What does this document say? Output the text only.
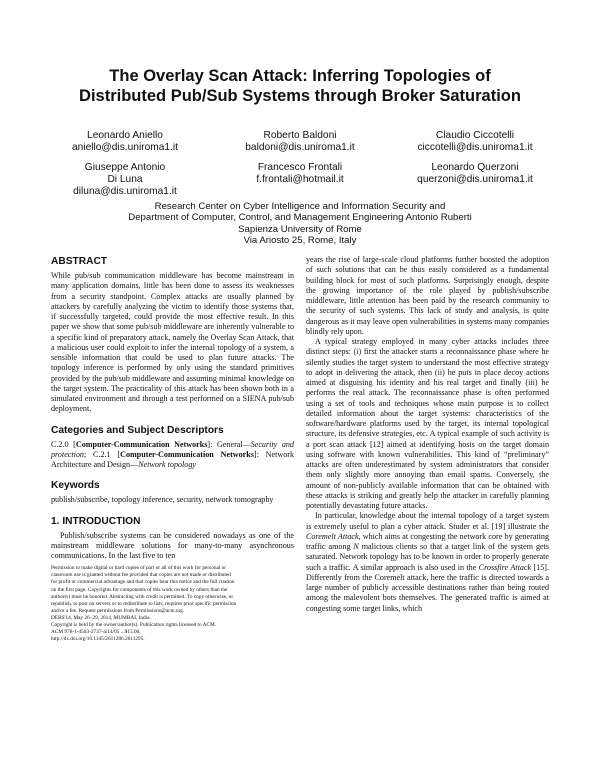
The Overlay Scan Attack: Inferring Topologies of
Distributed Pub/Sub Systems through Broker Saturation
Leonardo Aniello
aniello@dis.uniroma1.it
Roberto Baldoni
baldoni@dis.uniroma1.it
Claudio Ciccotelli
ciccotelli@dis.uniroma1.it
Giuseppe Antonio
Di Luna
diluna@dis.uniroma1.it
Francesco Frontali
f.frontali@hotmail.it
Leonardo Querzoni
querzoni@dis.uniroma1.it
Research Center on Cyber Intelligence and Information Security and
Department of Computer, Control, and Management Engineering Antonio Ruberti
Sapienza University of Rome
Via Ariosto 25, Rome, Italy
ABSTRACT

While pub/sub communication middleware has become mainstream in many application domains, little has been done to assess its weaknesses from a security standpoint. Complex attacks are usually planned by attackers by carefully analyzing the victim to identify those systems that, if successfully targeted, could provide the most effective result. In this paper we show that some pub/sub middleware are inherently vulnerable to a specific kind of preparatory attack, namely the Overlay Scan Attack, that a malicious user could exploit to infer the internal topology of a system, a sensible information that could be used to plan future attacks. The topology inference is performed by only using the standard primitives provided by the pub/sub middleware and assuming minimal knowledge on the target system. The practicality of this attack has been shown both in a simulated environment and through a test performed on a SIENA pub/sub deployment.

Categories and Subject Descriptors

C.2.0 [Computer-Communication Networks]: General—Security and protection; C.2.1 [Computer-Communication Networks]: Network Architecture and Design—Network topology

Keywords

publish/subscribe, topology inference, security, network tomography

1. INTRODUCTION

Publish/subscribe systems can be considered nowadays as one of the mainstream middleware solutions for many-to-many asynchronous communications. In the last five to ten

Permission to make digital or hard copies of part or all of this work for personal or
classroom use is granted without fee provided that copies are not made or distributed
for profit or commercial advantage and that copies bear this notice and the full citation
on the first page. Copyrights for components of this work owned by others than the
author(s) must be honored. Abstracting with credit is permitted. To copy otherwise, or
republish, to post on servers or to redistribute to lists, requires prior specific permission
and/or a fee. Request permissions from Permissions@acm.org.
DEBS'14, May 26–29, 2014, MUMBAI, India.
Copyright is held by the owner/author(s). Publication rights licensed to ACM.
ACM 978-1-4503-2737-4/14/05 ...$15.00.
http://dx.doi.org/10.1145/2611286.2611295.

years the rise of large-scale cloud platforms further boosted the adoption of such solutions that can be thus easily considered as a fundamental building block for most of such platforms. Surprisingly enough, despite the growing importance of the role played by publish/subscribe middleware, little attention has been paid by the research community to the security of such systems. This lack of study and analysis, is quite dangerous as it may leave open vulnerabilities in systems many companies blindly rely upon.

A typical strategy employed in many cyber attacks includes three distinct steps: (i) first the attacker starts a reconnaissance phase where he silently studies the target system to understand the most effective strategy to adopt in delivering the attack, then (ii) he puts in place decoy actions aimed at disguising his identity and his real target and finally (iii) he performs the real attack. The reconnaissance phase is often performed using a set of tools and techniques whose main purpose is to collect detailed information about the target systems: characteristics of the software/hardware platforms used by the target, its internal topological structure, its defensive strategies, etc. A typical example of such activity is a port scan attack [12] aimed at identifying hosts on the target domain using software with known vulnerabilities. This kind of “preliminary” attacks are often underestimated by system administrators that consider them only slightly more annoying than email spams. Conversely, the amount of non-publicly available information that can be obtained with these attacks is striking and greatly help the attacker in carefully planning potentially devastating future attacks.

In particular, knowledge about the internal topology of a target system is extremely useful to plan a cyber attack. Studer et al. [19] illustrate the Coremelt Attack, which aims at congesting the network core by generating traffic among N malicious clients so that a target link of the system gets saturated. Network topology has to be known in order to properly generate such a traffic. A similar approach is also used in the Crossfire Attack [15]. Differently from the Coremelt attack, here the traffic is directed towards a large number of publicly accessible destinations rather than being routed among the malevolent bots themselves. The generated traffic is aimed at congesting some target links, which
